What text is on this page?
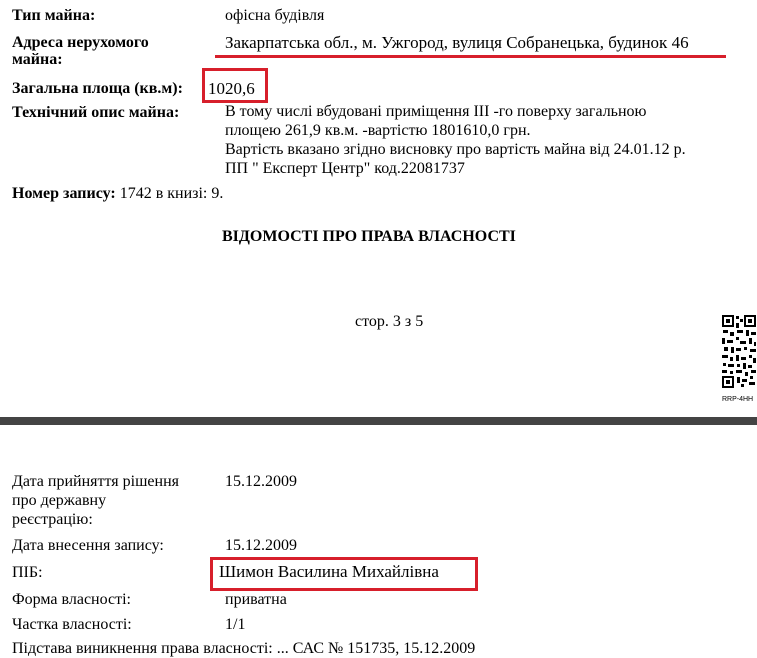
Тип майна:	офісна будівля
Адреса нерухомого
майна:
Закарпатська обл., м. Ужгород, вулиця Собранецька, будинок 46
Загальна площа (кв.м): 1020,6
Технічний опис майна:	В тому числі вбудовані приміщення ІІІ -го поверху загальною
площею 261,9 кв.м. -вартістю 1801610,0 грн.
Вартість вказано згідно висновку про вартість майна від 24.01.12 р.
ПП " Експерт Центр" код.22081737
Номер запису: 1742 в книзі: 9.
ВІДОМОСТІ ПРО ПРАВА ВЛАСНОСТІ
стор. 3 з 5
RRP-4HH
Дата прийняття рішення
про державну
реєстрацію:
15.12.2009
Дата внесення запису:	15.12.2009
ПІБ:	Шимон Василина Михайлівна
Форма власності:	приватна
Частка власності:	1/1
Підстава виникнення права власності: ... САС № 151735, 15.12.2009
